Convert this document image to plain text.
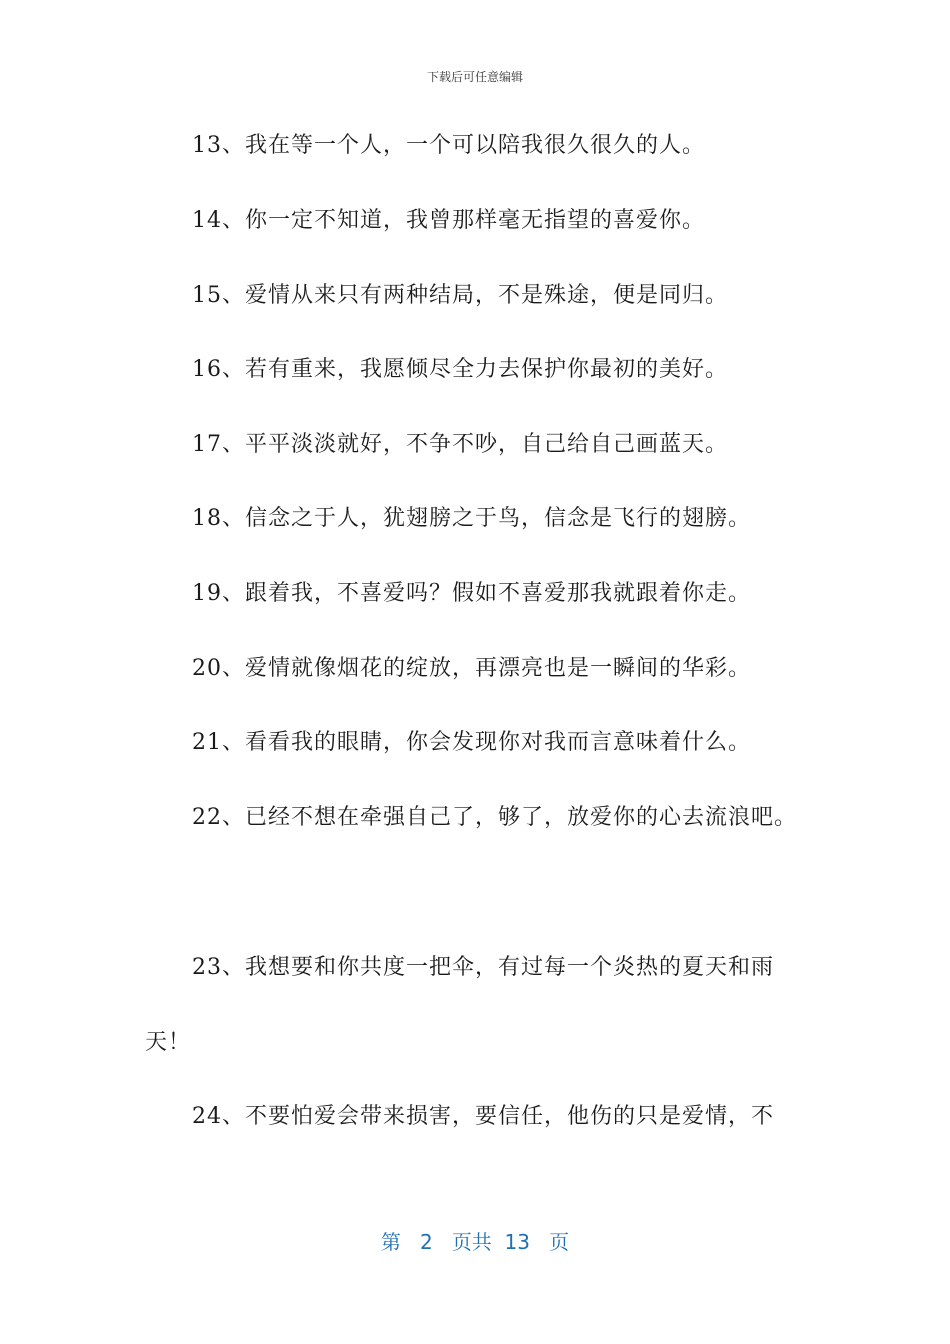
下载后可任意编辑
13、我在等一个人，一个可以陪我很久很久的人。
14、你一定不知道，我曾那样毫无指望的喜爱你。
15、爱情从来只有两种结局，不是殊途，便是同归。
16、若有重来，我愿倾尽全力去保护你最初的美好。
17、平平淡淡就好，不争不吵，自己给自己画蓝天。
18、信念之于人，犹翅膀之于鸟，信念是飞行的翅膀。
19、跟着我，不喜爱吗？假如不喜爱那我就跟着你走。
20、爱情就像烟花的绽放，再漂亮也是一瞬间的华彩。
21、看看我的眼睛，你会发现你对我而言意味着什么。
22、已经不想在牵强自己了，够了，放爱你的心去流浪吧。
23、我想要和你共度一把伞，有过每一个炎热的夏天和雨
天！
24、不要怕爱会带来损害，要信任，他伤的只是爱情，不
第 2 页共 13 页
